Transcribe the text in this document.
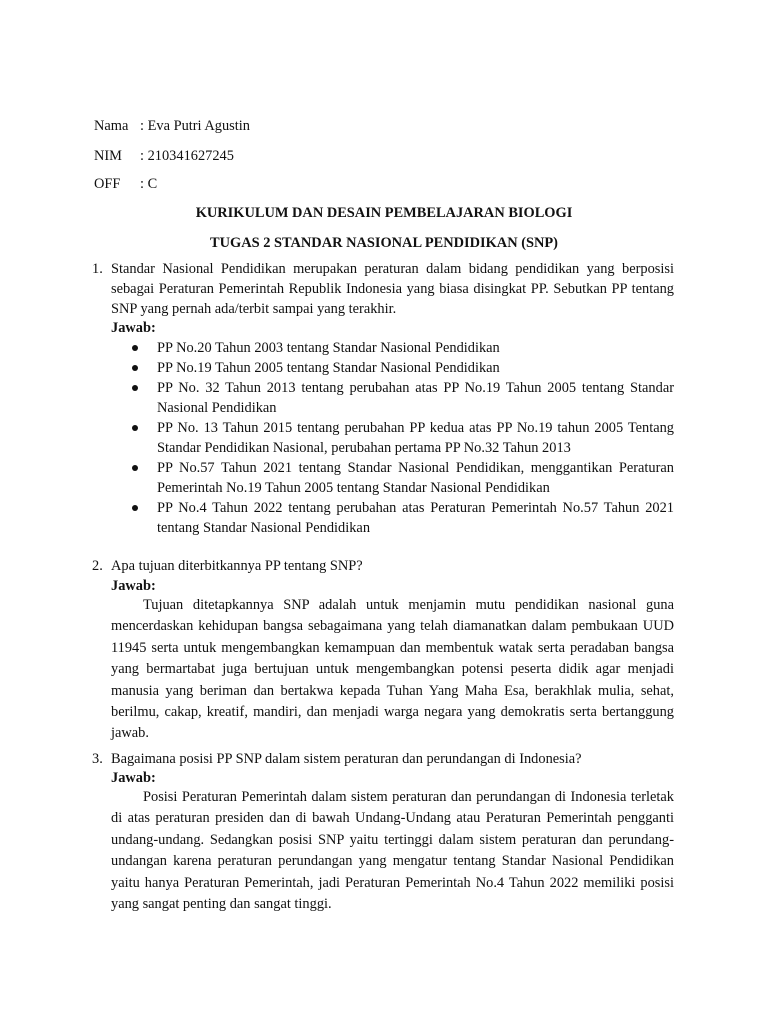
Nama : Eva Putri Agustin
NIM : 210341627245
OFF : C
KURIKULUM DAN DESAIN PEMBELAJARAN BIOLOGI
TUGAS 2 STANDAR NASIONAL PENDIDIKAN (SNP)
1. Standar Nasional Pendidikan merupakan peraturan dalam bidang pendidikan yang berposisi sebagai Peraturan Pemerintah Republik Indonesia yang biasa disingkat PP. Sebutkan PP tentang SNP yang pernah ada/terbit sampai yang terakhir.
Jawab:
PP No.20 Tahun 2003 tentang Standar Nasional Pendidikan
PP No.19 Tahun 2005 tentang Standar Nasional Pendidikan
PP No. 32 Tahun 2013 tentang perubahan atas PP No.19 Tahun 2005 tentang Standar Nasional Pendidikan
PP No. 13 Tahun 2015 tentang perubahan PP kedua atas PP No.19 tahun 2005 Tentang Standar Pendidikan Nasional, perubahan pertama PP No.32 Tahun 2013
PP No.57 Tahun 2021 tentang Standar Nasional Pendidikan, menggantikan Peraturan Pemerintah No.19 Tahun 2005 tentang Standar Nasional Pendidikan
PP No.4 Tahun 2022 tentang perubahan atas Peraturan Pemerintah No.57 Tahun 2021 tentang Standar Nasional Pendidikan
2. Apa tujuan diterbitkannya PP tentang SNP?
Jawab:
Tujuan ditetapkannya SNP adalah untuk menjamin mutu pendidikan nasional guna mencerdaskan kehidupan bangsa sebagaimana yang telah diamanatkan dalam pembukaan UUD 11945 serta untuk mengembangkan kemampuan dan membentuk watak serta peradaban bangsa yang bermartabat juga bertujuan untuk mengembangkan potensi peserta didik agar menjadi manusia yang beriman dan bertakwa kepada Tuhan Yang Maha Esa, berakhlak mulia, sehat, berilmu, cakap, kreatif, mandiri, dan menjadi warga negara yang demokratis serta bertanggung jawab.
3. Bagaimana posisi PP SNP dalam sistem peraturan dan perundangan di Indonesia?
Jawab:
Posisi Peraturan Pemerintah dalam sistem peraturan dan perundangan di Indonesia terletak di atas peraturan presiden dan di bawah Undang-Undang atau Peraturan Pemerintah pengganti undang-undang. Sedangkan posisi SNP yaitu tertinggi dalam sistem peraturan dan perundang-undangan karena peraturan perundangan yang mengatur tentang Standar Nasional Pendidikan yaitu hanya Peraturan Pemerintah, jadi Peraturan Pemerintah No.4 Tahun 2022 memiliki posisi yang sangat penting dan sangat tinggi.
